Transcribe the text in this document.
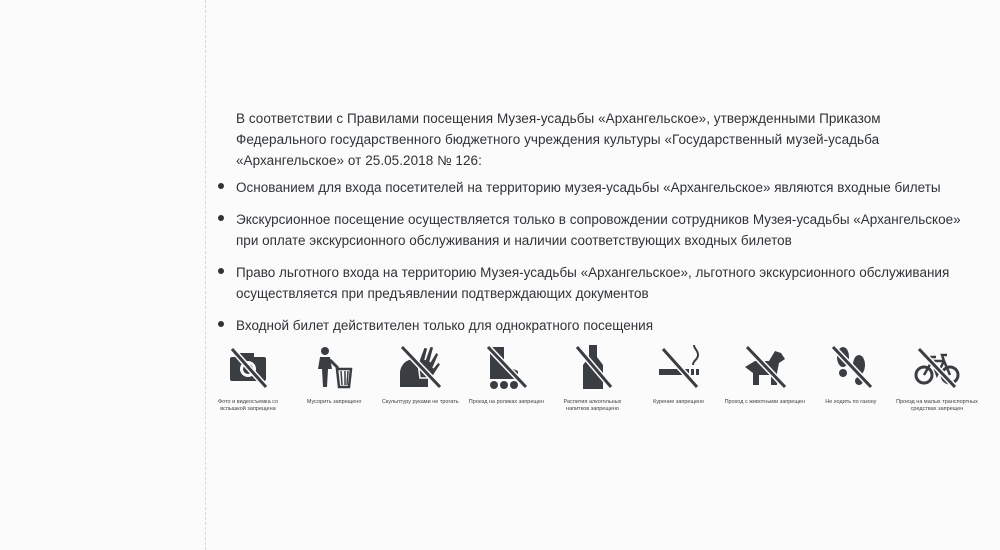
В соответствии с Правилами посещения Музея-усадьбы «Архангельское», утвержденными Приказом Федерального государственного бюджетного учреждения культуры «Государственный музей-усадьба «Архангельское» от 25.05.2018 № 126:
Основанием для входа посетителей на территорию музея-усадьбы «Архангельское» являются входные билеты
Экскурсионное посещение осуществляется только в сопровождении сотрудников Музея-усадьбы «Архангельское» при оплате экскурсионного обслуживания и наличии соответствующих входных билетов
Право льготного входа на территорию Музея-усадьбы «Архангельское», льготного экскурсионного обслуживания осуществляется при предъявлении подтверждающих документов
Входной билет действителен только для однократного посещения
Фото и видеосъемка со вспышкой запрещена
Мусорить запрещено	Скульптуру руками не трогать	Проезд на роликах запрещен	Распития алкогольных напитков запрещено
Курение запрещено	Проход с животными запрещен	Не ходить по газону	Проезд на малых транспортных средствах запрещен
